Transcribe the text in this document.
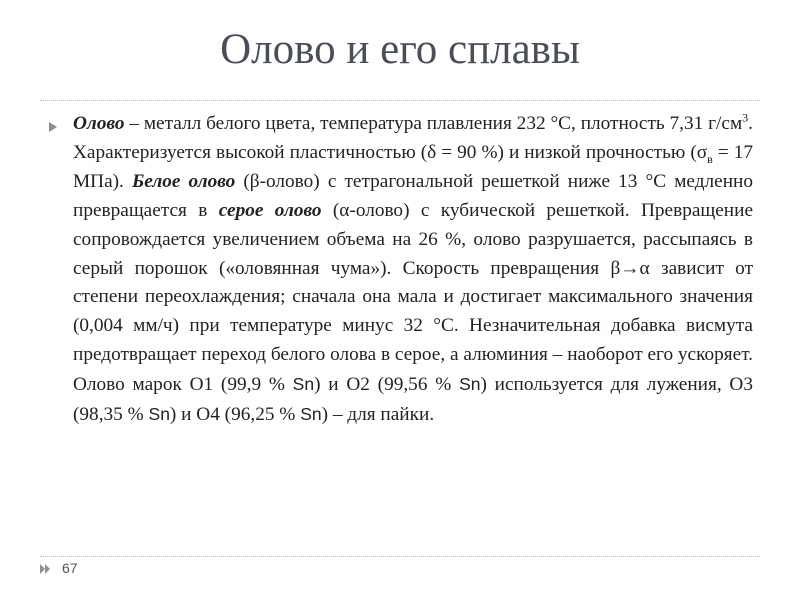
Олово и его сплавы
Олово – металл белого цвета, температура плавления 232 °С, плотность 7,31 $г/см^3$. Характеризуется высокой пластичностью (δ = 90 %) и низкой прочностью ($\sigma_в = 17$ МПа). Белое олово (β-олово) с тетрагональной решеткой ниже 13 °С медленно превращается в серое олово (α-олово) с кубической решеткой. Превращение сопровождается увеличением объема на 26 %, олово разрушается, рассыпаясь в серый порошок («оловянная чума»). Скорость превращения β→α зависит от степени переохлаждения; сначала она мала и достигает максимального значения (0,004 мм/ч) при температуре минус 32 °С. Незначительная добавка висмута предотвращает переход белого олова в серое, а алюминия – наоборот его ускоряет. Олово марок О1 (99,9 % Sn) и О2 (99,56 % Sn) используется для лужения, О3 (98,35 % Sn) и О4 (96,25 % Sn) – для пайки.
67
